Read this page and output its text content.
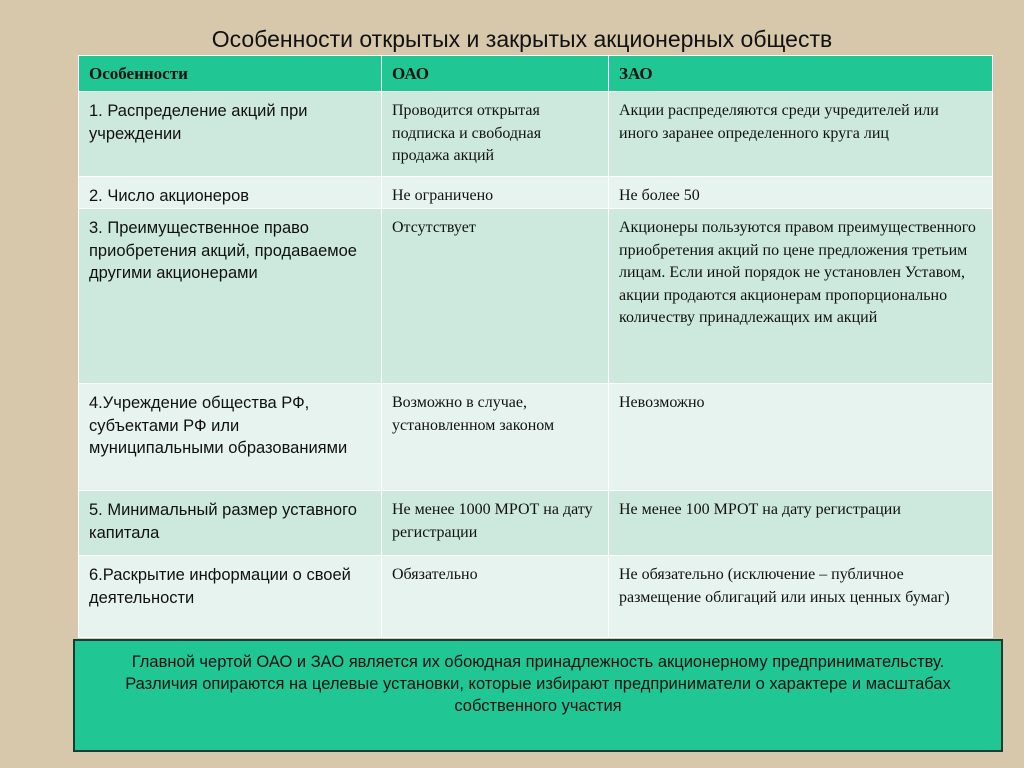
Особенности открытых и закрытых акционерных обществ
Особенности	ОАО	ЗАО
1. Распределение акций при учреждении	Проводится открытая подписка и свободная продажа акций	Акции распределяются среди учредителей или иного заранее определенного круга лиц
2. Число акционеров	Не ограничено	Не более 50
3. Преимущественное право приобретения акций, продаваемое другими акционерами	Отсутствует	Акционеры пользуются правом преимущественного приобретения акций по цене предложения третьим лицам. Если иной порядок не установлен Уставом, акции продаются акционерам пропорционально количеству принадлежащих им акций
4.Учреждение общества РФ, субъектами РФ или муниципальными образованиями	Возможно в случае, установленном законом	Невозможно
5. Минимальный размер уставного капитала	Не менее 1000 МРОТ на дату регистрации	Не менее 100 МРОТ на дату регистрации
6.Раскрытие информации о своей деятельности	Обязательно	Не обязательно (исключение – публичное размещение облигаций или иных ценных бумаг)

Главной чертой ОАО и ЗАО является их обоюдная принадлежность акционерному предпринимательству.

Различия опираются на целевые установки, которые избирают предприниматели о характере и масштабах собственного участия
